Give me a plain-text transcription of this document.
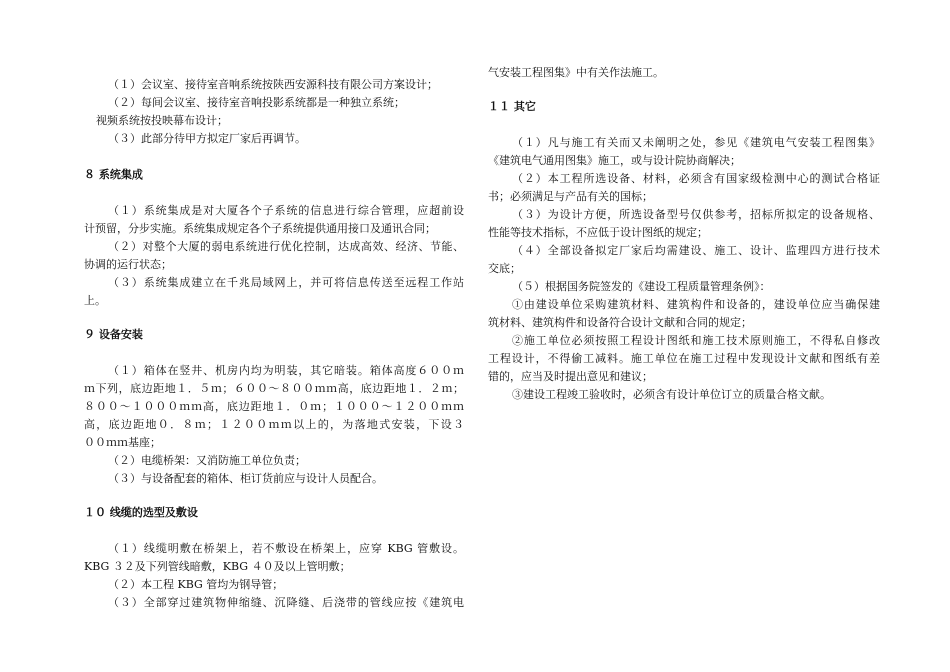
（１）会议室、接待室音响系统按陕西安源科技有限公司方案设计；
（２）每间会议室、接待室音响投影系统都是一种独立系统；
视频系统按投映幕布设计；
（３）此部分待甲方拟定厂家后再调节。
８ 系统集成
（１）系统集成是对大厦各个子系统的信息进行综合管理，应超前设
计预留，分步实施。系统集成规定各个子系统提供通用接口及通讯合同；
（２）对整个大厦的弱电系统进行优化控制，达成高效、经济、节能、
协调的运行状态；
（３）系统集成建立在千兆局域网上，并可将信息传送至远程工作站
上。
９ 设备安装
（１）箱体在竖井、机房内均为明装，其它暗装。箱体高度６００ｍ
ｍ下列，底边距地１．５ｍ；６００～８００ｍｍ高，底边距地１．２ｍ；
８００～１０００ｍｍ高，底边距地１．０ｍ；１０００～１２００ｍｍ
高，底边距地０．８ｍ；１２００ｍｍ以上的，为落地式安装，下设３
００ｍｍ基座；
（２）电缆桥架：又消防施工单位负责；
（３）与设备配套的箱体、柜订货前应与设计人员配合。
１０ 线缆的选型及敷设
（１）线缆明敷在桥架上，若不敷设在桥架上，应穿 KBG 管敷设。
KBG ３２及下列管线暗敷，KBG ４０及以上管明敷；
（２）本工程 KBG 管均为钢导管；
（３）全部穿过建筑物伸缩缝、沉降缝、后浇带的管线应按《建筑电
气安装工程图集》中有关作法施工。
１１ 其它
（１）凡与施工有关而又未阐明之处，参见《建筑电气安装工程图集》
《建筑电气通用图集》施工，或与设计院协商解决；
（２）本工程所选设备、材料，必须含有国家级检测中心的测试合格证
书；必须满足与产品有关的国标；
（３）为设计方便，所选设备型号仅供参考，招标所拟定的设备规格、
性能等技术指标，不应低于设计图纸的规定；
（４）全部设备拟定厂家后均需建设、施工、设计、监理四方进行技术
交底；
（５）根据国务院签发的《建设工程质量管理条例》：
①由建设单位采购建筑材料、建筑构件和设备的，建设单位应当确保建
筑材料、建筑构件和设备符合设计文献和合同的规定；
②施工单位必须按照工程设计图纸和施工技术原则施工，不得私自修改
工程设计，不得偷工减料。施工单位在施工过程中发现设计文献和图纸有差
错的，应当及时提出意见和建议；
③建设工程竣工验收时，必须含有设计单位订立的质量合格文献。
